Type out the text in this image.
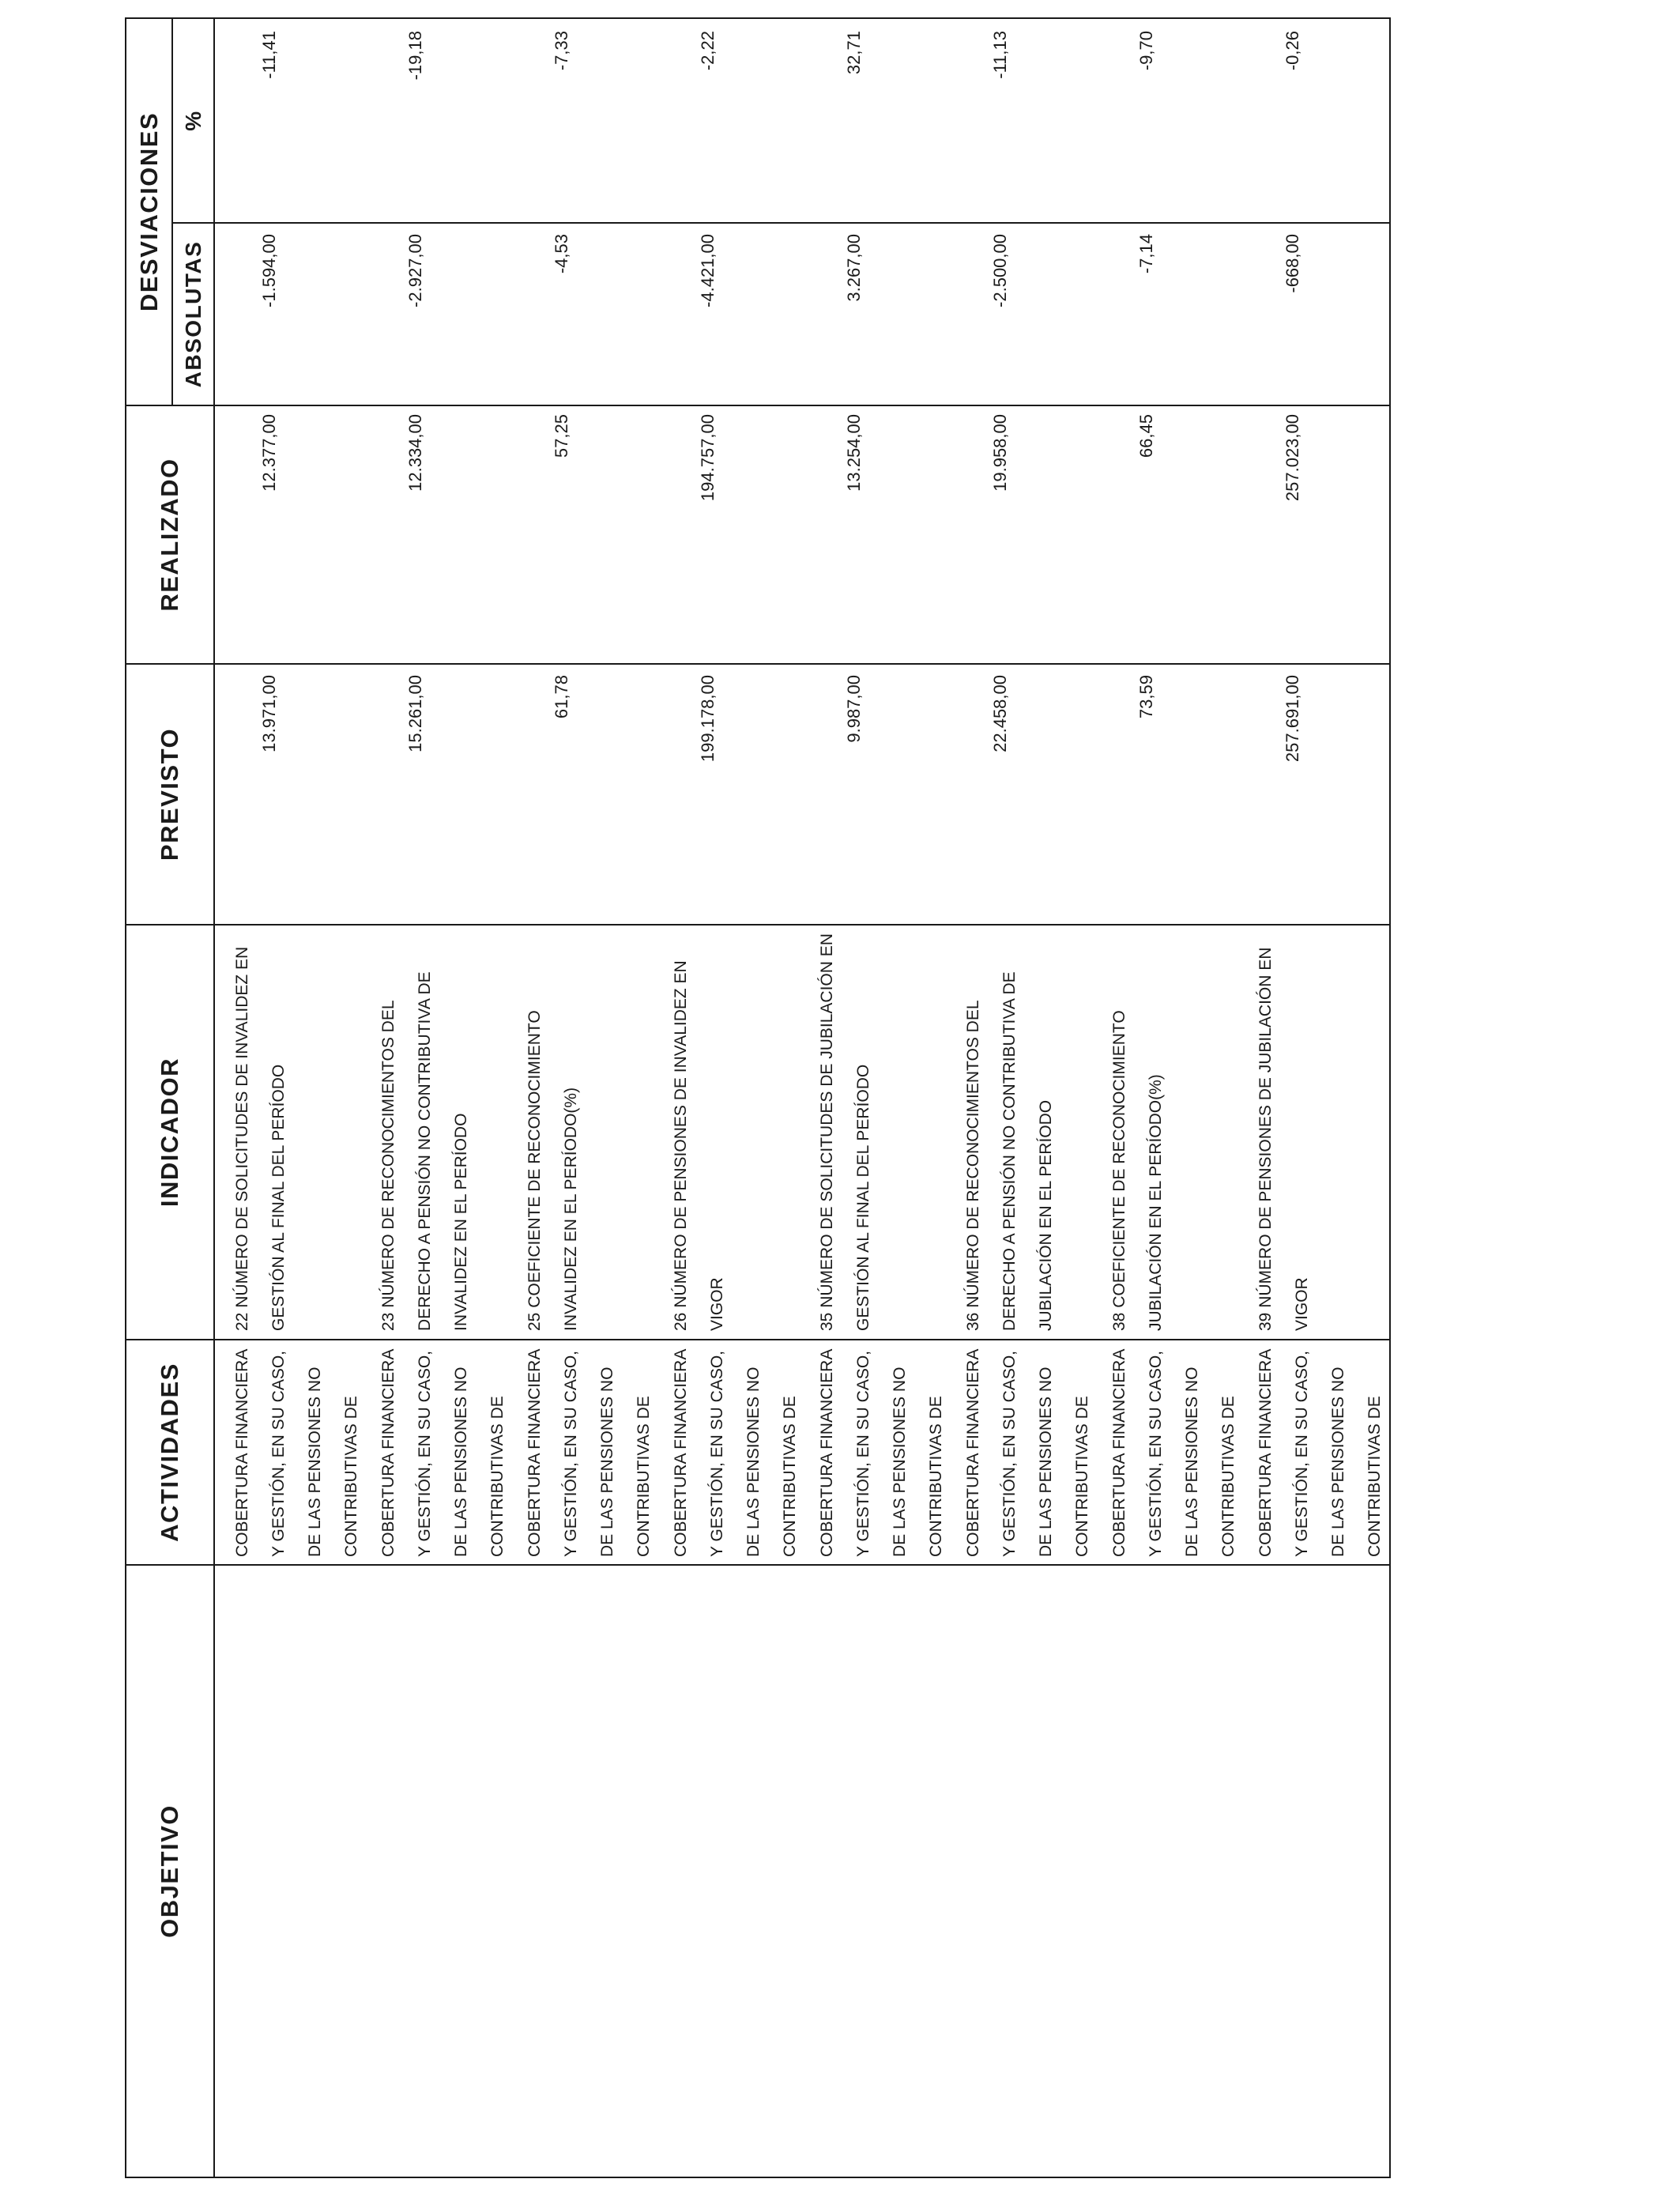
OBJETIVO
ACTIVIDADES
INDICADOR
PREVISTO
REALIZADO
DESVIACIONES
ABSOLUTAS
%
COBERTURA FINANCIERA Y GESTIÓN, EN SU CASO, DE LAS PENSIONES NO CONTRIBUTIVAS DE
22 NÚMERO DE SOLICITUDES DE INVALIDEZ EN GESTIÓN AL FINAL DEL PERÍODO
13.971,00
12.377,00
-1.594,00
-11,41
COBERTURA FINANCIERA Y GESTIÓN, EN SU CASO, DE LAS PENSIONES NO CONTRIBUTIVAS DE
23 NÚMERO DE RECONOCIMIENTOS DEL DERECHO A PENSIÓN NO CONTRIBUTIVA DE INVALIDEZ EN EL PERÍODO
15.261,00
12.334,00
-2.927,00
-19,18
COBERTURA FINANCIERA Y GESTIÓN, EN SU CASO, DE LAS PENSIONES NO CONTRIBUTIVAS DE
25 COEFICIENTE DE RECONOCIMIENTO INVALIDEZ EN EL PERÍODO(%)
61,78
57,25
-4,53
-7,33
COBERTURA FINANCIERA Y GESTIÓN, EN SU CASO, DE LAS PENSIONES NO CONTRIBUTIVAS DE
26 NÚMERO DE PENSIONES DE INVALIDEZ EN VIGOR
199.178,00
194.757,00
-4.421,00
-2,22
COBERTURA FINANCIERA Y GESTIÓN, EN SU CASO, DE LAS PENSIONES NO CONTRIBUTIVAS DE
35 NÚMERO DE SOLICITUDES DE JUBILACIÓN EN GESTIÓN AL FINAL DEL PERÍODO
9.987,00
13.254,00
3.267,00
32,71
COBERTURA FINANCIERA Y GESTIÓN, EN SU CASO, DE LAS PENSIONES NO CONTRIBUTIVAS DE
36 NÚMERO DE RECONOCIMIENTOS DEL DERECHO A PENSIÓN NO CONTRIBUTIVA DE JUBILACIÓN EN EL PERÍODO
22.458,00
19.958,00
-2.500,00
-11,13
COBERTURA FINANCIERA Y GESTIÓN, EN SU CASO, DE LAS PENSIONES NO CONTRIBUTIVAS DE
38 COEFICIENTE DE RECONOCIMIENTO JUBILACIÓN EN EL PERÍODO(%)
73,59
66,45
-7,14
-9,70
COBERTURA FINANCIERA Y GESTIÓN, EN SU CASO, DE LAS PENSIONES NO CONTRIBUTIVAS DE
39 NÚMERO DE PENSIONES DE JUBILACIÓN EN VIGOR
257.691,00
257.023,00
-668,00
-0,26
